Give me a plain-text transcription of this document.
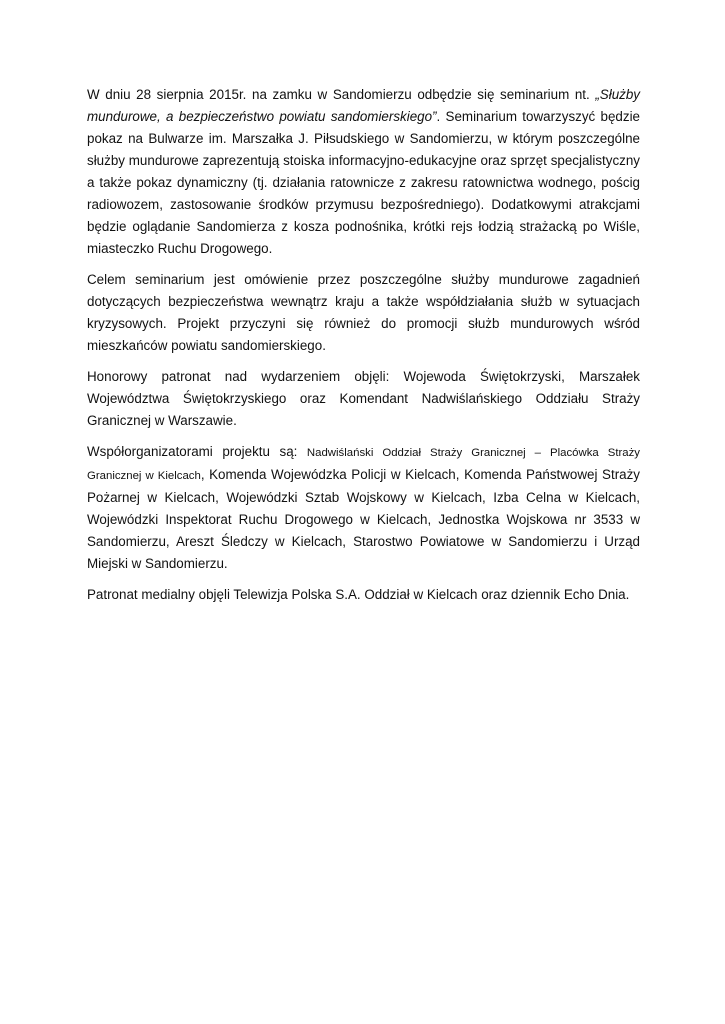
W dniu 28 sierpnia 2015r. na zamku w Sandomierzu odbędzie się seminarium nt. „Służby mundurowe, a bezpieczeństwo powiatu sandomierskiego”. Seminarium towarzyszyć będzie pokaz na Bulwarze im. Marszałka J. Piłsudskiego w Sandomierzu, w którym poszczególne służby mundurowe zaprezentują stoiska informacyjno-edukacyjne oraz sprzęt specjalistyczny a także pokaz dynamiczny (tj. działania ratownicze z zakresu ratownictwa wodnego, pościg radiowozem, zastosowanie środków przymusu bezpośredniego). Dodatkowymi atrakcjami będzie oglądanie Sandomierza z kosza podnośnika, krótki rejs łodzią strażacką po Wiśle, miasteczko Ruchu Drogowego.

Celem seminarium jest omówienie przez poszczególne służby mundurowe zagadnień dotyczących bezpieczeństwa wewnątrz kraju a także współdziałania służb w sytuacjach kryzysowych. Projekt przyczyni się również do promocji służb mundurowych wśród mieszkańców powiatu sandomierskiego.

Honorowy patronat nad wydarzeniem objęli: Wojewoda Świętokrzyski, Marszałek Województwa Świętokrzyskiego oraz Komendant Nadwiślańskiego Oddziału Straży Granicznej w Warszawie.

Współorganizatorami projektu są: Nadwiślański Oddział Straży Granicznej – Placówka Straży Granicznej w Kielcach, Komenda Wojewódzka Policji w Kielcach, Komenda Państwowej Straży Pożarnej w Kielcach, Wojewódzki Sztab Wojskowy w Kielcach, Izba Celna w Kielcach, Wojewódzki Inspektorat Ruchu Drogowego w Kielcach, Jednostka Wojskowa nr 3533 w Sandomierzu, Areszt Śledczy w Kielcach, Starostwo Powiatowe w Sandomierzu i Urząd Miejski w Sandomierzu.

Patronat medialny objęli Telewizja Polska S.A. Oddział w Kielcach oraz dziennik Echo Dnia.
